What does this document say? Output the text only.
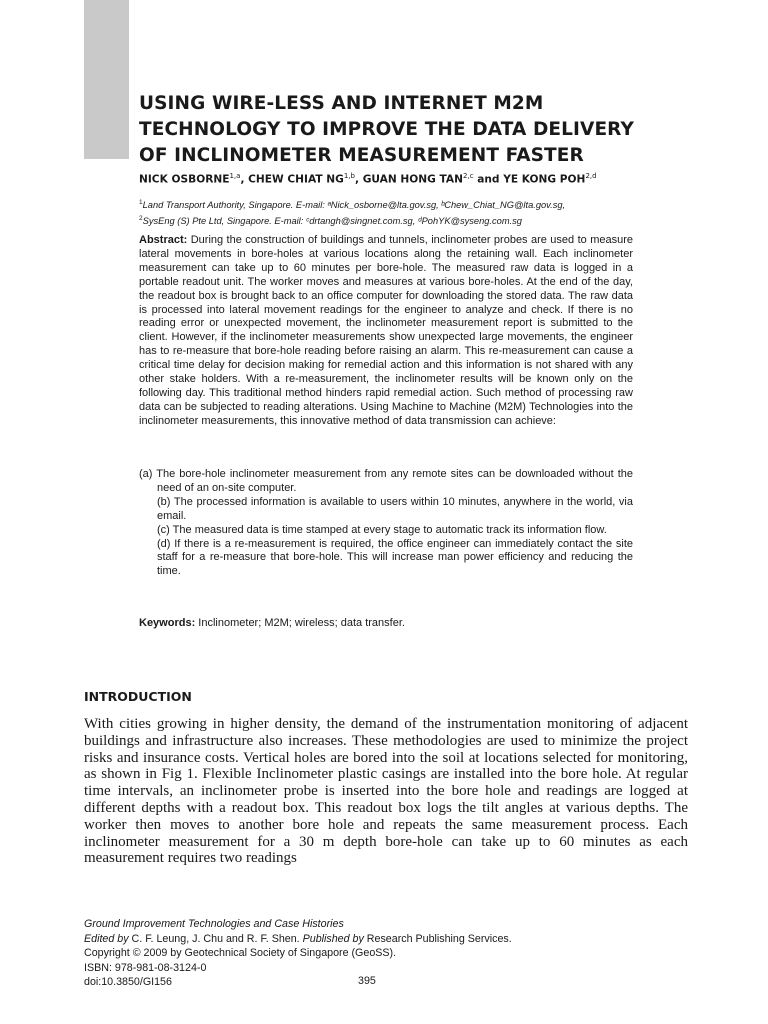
USING WIRE-LESS AND INTERNET M2M
TECHNOLOGY TO IMPROVE THE DATA DELIVERY
OF INCLINOMETER MEASUREMENT FASTER
NICK OSBORNE$^{1,a}$, CHEW CHIAT NG$^{1,b}$, GUAN HONG TAN$^{2,c}$ and YE KONG POH$^{2,d}$
$^1$Land Transport Authority, Singapore. E-mail: ᵃNick_osborne@lta.gov.sg, ᵇChew_Chiat_NG@lta.gov.sg,
$^2$SysEng (S) Pte Ltd, Singapore. E-mail: ᶜdrtangh@singnet.com.sg, ᵈPohYK@syseng.com.sg
Abstract: During the construction of buildings and tunnels, inclinometer probes are used to measure lateral movements in bore-holes at various locations along the retaining wall. Each inclinometer measurement can take up to 60 minutes per bore-hole. The measured raw data is logged in a portable readout unit. The worker moves and measures at various bore-holes. At the end of the day, the readout box is brought back to an office computer for downloading the stored data. The raw data is processed into lateral movement readings for the engineer to analyze and check. If there is no reading error or unexpected movement, the inclinometer measurement report is submitted to the client. However, if the inclinometer measurements show unexpected large movements, the engineer has to re-measure that bore-hole reading before raising an alarm. This re-measurement can cause a critical time delay for decision making for remedial action and this information is not shared with any other stake holders. With a re-measurement, the inclinometer results will be known only on the following day. This traditional method hinders rapid remedial action. Such method of processing raw data can be subjected to reading alterations. Using Machine to Machine (M2M) Technologies into the inclinometer measurements, this innovative method of data transmission can achieve:
(a) The bore-hole inclinometer measurement from any remote sites can be downloaded without the need of an on-site computer.
(b) The processed information is available to users within 10 minutes, anywhere in the world, via email.
(c) The measured data is time stamped at every stage to automatic track its information flow.
(d) If there is a re-measurement is required, the office engineer can immediately contact the site staff for a re-measure that bore-hole. This will increase man power efficiency and reducing the time.
Keywords: Inclinometer; M2M; wireless; data transfer.
INTRODUCTION
With cities growing in higher density, the demand of the instrumentation monitoring of adjacent buildings and infrastructure also increases. These methodologies are used to minimize the project risks and insurance costs. Vertical holes are bored into the soil at locations selected for monitoring, as shown in Fig 1. Flexible Inclinometer plastic casings are installed into the bore hole. At regular time intervals, an inclinometer probe is inserted into the bore hole and readings are logged at different depths with a readout box. This readout box logs the tilt angles at various depths. The worker then moves to another bore hole and repeats the same measurement process. Each inclinometer measurement for a 30 m depth bore-hole can take up to 60 minutes as each measurement requires two readings
Ground Improvement Technologies and Case Histories
Edited by C. F. Leung, J. Chu and R. F. Shen. Published by Research Publishing Services.
Copyright © 2009 by Geotechnical Society of Singapore (GeoSS).
ISBN: 978-981-08-3124-0
doi:10.3850/GI156	395
